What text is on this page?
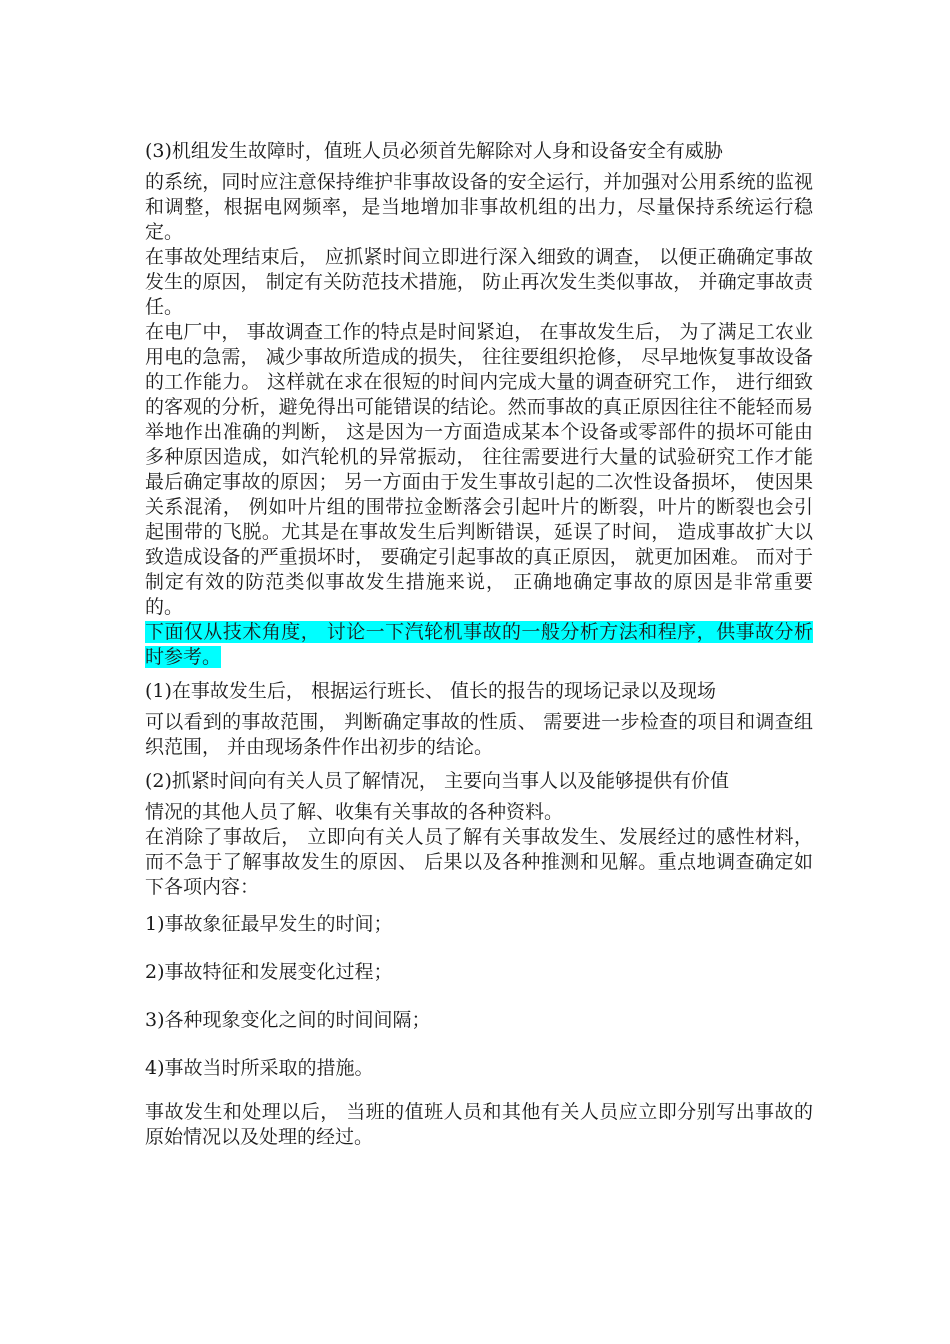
(3)机组发生故障时，值班人员必须首先解除对人身和设备安全有威胁

的系统，同时应注意保持维护非事故设备的安全运行，并加强对公用系统的监视和调整，根据电网频率，是当地增加非事故机组的出力，尽量保持系统运行稳定。

在事故处理结束后， 应抓紧时间立即进行深入细致的调查， 以便正确确定事故发生的原因， 制定有关防范技术措施， 防止再次发生类似事故， 并确定事故责任。

在电厂中， 事故调查工作的特点是时间紧迫， 在事故发生后， 为了满足工农业用电的急需， 减少事故所造成的损失， 往往要组织抢修， 尽早地恢复事故设备的工作能力。 这样就在求在很短的时间内完成大量的调查研究工作， 进行细致的客观的分析，避免得出可能错误的结论。然而事故的真正原因往往不能轻而易举地作出准确的判断， 这是因为一方面造成某本个设备或零部件的损坏可能由多种原因造成，如汽轮机的异常振动， 往往需要进行大量的试验研究工作才能最后确定事故的原因； 另一方面由于发生事故引起的二次性设备损坏， 使因果关系混淆， 例如叶片组的围带拉金断落会引起叶片的断裂，叶片的断裂也会引起围带的飞脱。尤其是在事故发生后判断错误，延误了时间， 造成事故扩大以致造成设备的严重损坏时， 要确定引起事故的真正原因， 就更加困难。 而对于制定有效的防范类似事故发生措施来说， 正确地确定事故的原因是非常重要的。

下面仅从技术角度， 讨论一下汽轮机事故的一般分析方法和程序，供事故分析时参考。

(1)在事故发生后， 根据运行班长、 值长的报告的现场记录以及现场

可以看到的事故范围， 判断确定事故的性质、 需要进一步检查的项目和调查组织范围， 并由现场条件作出初步的结论。

(2)抓紧时间向有关人员了解情况， 主要向当事人以及能够提供有价值

情况的其他人员了解、收集有关事故的各种资料。

在消除了事故后， 立即向有关人员了解有关事故发生、发展经过的感性材料，而不急于了解事故发生的原因、 后果以及各种推测和见解。重点地调查确定如下各项内容：

1)事故象征最早发生的时间；

2)事故特征和发展变化过程；

3)各种现象变化之间的时间间隔；

4)事故当时所采取的措施。

事故发生和处理以后， 当班的值班人员和其他有关人员应立即分别写出事故的原始情况以及处理的经过。
